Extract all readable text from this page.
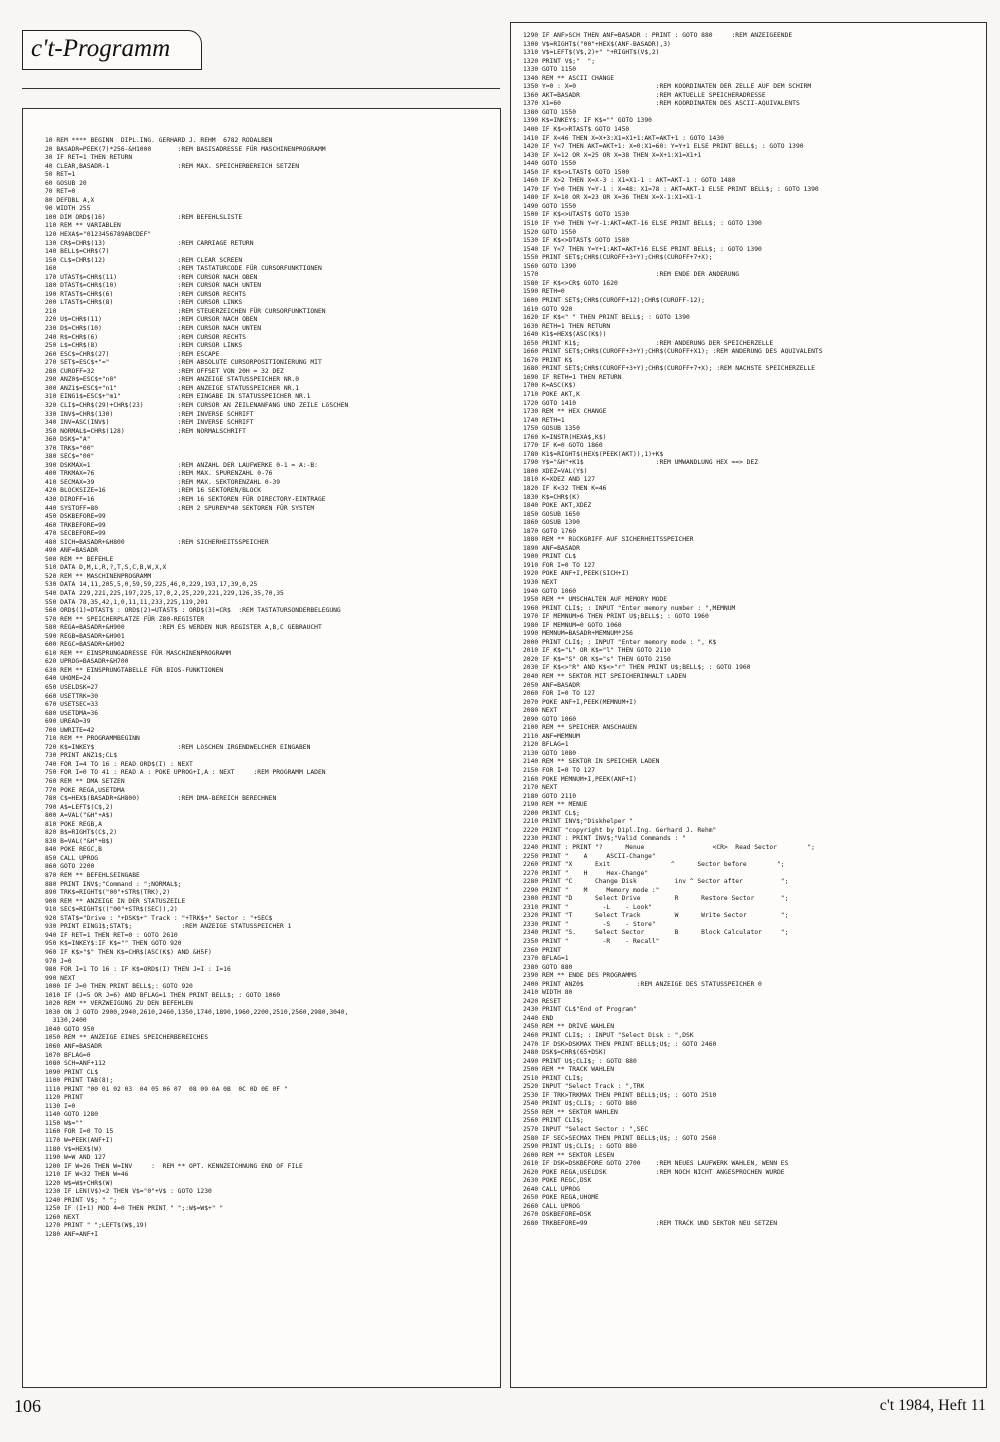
c't-Programm
10 REM **** BEGINN  DIPL.ING. GERHARD J. REHM  6782 RODALBEN
20 BASADR=PEEK(7)*256-&H1000       :REM BASISADRESSE FÜR MASCHINENPROGRAMM
30 IF RET=1 THEN RETURN
40 CLEAR,BASADR-1                  :REM MAX. SPEICHERBEREICH SETZEN
50 RET=1
60 GOSUB 20
70 RET=0
80 DEFDBL A,X
90 WIDTH 255
100 DIM ORD$(16)                   :REM BEFEHLSLISTE
110 REM ** VARIABLEN
120 HEXA$="0123456789ABCDEF"
130 CR$=CHR$(13)                   :REM CARRIAGE RETURN
140 BELL$=CHR$(7)
150 CL$=CHR$(12)                   :REM CLEAR SCREEN
160                                :REM TASTATURCODE FÜR CURSORFUNKTIONEN
170 UTAST$=CHR$(11)                :REM CURSOR NACH OBEN
180 DTAST$=CHR$(10)                :REM CURSOR NACH UNTEN
190 RTAST$=CHR$(6)                 :REM CURSOR RECHTS
200 LTAST$=CHR$(8)                 :REM CURSOR LINKS
210                                :REM STEUERZEICHEN FÜR CURSORFUNKTIONEN
220 U$=CHR$(11)                    :REM CURSOR NACH OBEN
230 D$=CHR$(10)                    :REM CURSOR NACH UNTEN
240 R$=CHR$(6)                     :REM CURSOR RECHTS
250 L$=CHR$(8)                     :REM CURSOR LINKS
260 ESC$=CHR$(27)                  :REM ESCAPE
270 SET$=ESC$+"="                  :REM ABSOLUTE CURSORPOSITIONIERUNG MIT
280 CUROFF=32                      :REM OFFSET VON 20H = 32 DEZ
290 ANZ0$=ESC$+"n0"                :REM ANZEIGE STATUSSPEICHER NR.0
300 ANZ1$=ESC$+"n1"                :REM ANZEIGE STATUSSPEICHER NR.1
310 EING1$=ESC$+"m1"               :REM EINGABE IN STATUSSPEICHER NR.1
320 CLI$=CHR$(29)+CHR$(23)         :REM CURSOR AN ZEILENANFANG UND ZEILE LöSCHEN
330 INV$=CHR$(130)                 :REM INVERSE SCHRIFT
340 INV=ASC(INV$)                  :REM INVERSE SCHRIFT
350 NORMAL$=CHR$(128)              :REM NORMALSCHRIFT
360 DSK$="A"
370 TRK$="00"
380 SEC$="00"
390 DSKMAX=1                       :REM ANZAHL DER LAUFWERKE 0-1 = A:-B:
400 TRKMAX=76                      :REM MAX. SPURENZAHL 0-76
410 SECMAX=39                      :REM MAX. SEKTORENZAHL 0-39
420 BLOCKSIZE=16                   :REM 16 SEKTOREN/BLOCK
430 DIROFF=16                      :REM 16 SEKTOREN FÜR DIRECTORY-EINTRAGE
440 SYSTOFF=80                     :REM 2 SPUREN*40 SEKTOREN FÜR SYSTEM
450 DSKBEFORE=99
460 TRKBEFORE=99
470 SECBEFORE=99
480 SICH=BASADR+&H800              :REM SICHERHEITSSPEICHER
490 ANF=BASADR
500 REM ** BEFEHLE
510 DATA D,M,L,R,?,T,S,C,B,W,X,X
520 REM ** MASCHINENPROGRAMM
530 DATA 14,11,205,5,0,59,59,225,46,0,229,193,17,39,0,25
540 DATA 229,221,225,197,225,17,0,2,25,229,221,229,126,35,70,35
550 DATA 78,35,42,1,0,11,11,233,225,119,201
560 ORD$(1)=DTAST$ : ORD$(2)=UTAST$ : ORD$(3)=CR$  :REM TASTATURSONDERBELEGUNG
570 REM ** SPEICHERPLATZE FÜR Z80-REGISTER
580 REGA=BASADR+&H900         :REM ES WERDEN NUR REGISTER A,B,C GEBRAUCHT
590 REGB=BASADR+&H901
600 REGC=BASADR+&H902
610 REM ** EINSPRUNGADRESSE FÜR MASCHINENPROGRAMM
620 UPROG=BASADR+&H700
630 REM ** EINSPRUNGTABELLE FÜR BIOS-FUNKTIONEN
640 UHOME=24
650 USELDSK=27
660 USETTRK=30
670 USETSEC=33
680 USETDMA=36
690 UREAD=39
700 UWRITE=42
710 REM ** PROGRAMMBEGINN
720 K$=INKEY$                      :REM LöSCHEN IRGENDWELCHER EINGABEN
730 PRINT ANZ1$;CL$
740 FOR I=4 TO 16 : READ ORD$(I) : NEXT
750 FOR I=0 TO 41 : READ A : POKE UPROG+I,A : NEXT     :REM PROGRAMM LADEN
760 REM ** DMA SETZEN
770 POKE REGA,USETDMA
780 C$=HEX$(BASADR+&H800)          :REM DMA-BEREICH BERECHNEN
790 A$=LEFT$(C$,2)
800 A=VAL("&H"+A$)
810 POKE REGB,A
820 B$=RIGHT$(C$,2)
830 B=VAL("&H"+B$)
840 POKE REGC,B
850 CALL UPROG
860 GOTO 2200
870 REM ** BEFEHLSEINGABE
880 PRINT INV$;"Command : ";NORMAL$;
890 TRK$=RIGHT$("00"+STR$(TRK),2)
900 REM ** ANZEIGE IN DER STATUSZEILE
910 SEC$=RIGHT$(("00"+STR$(SEC)),2)
920 STAT$="Drive : "+DSK$+" Track : "+TRK$+" Sector : "+SEC$
930 PRINT EING1$;STAT$;             :REM ANZEIGE STATUSSPEICHER 1
940 IF RET=1 THEN RET=0 : GOTO 2610
950 K$=INKEY$:IF K$="" THEN GOTO 920
960 IF K$>"$" THEN K$=CHR$(ASC(K$) AND &H5F)
970 J=0
980 FOR I=1 TO 16 : IF K$=ORD$(I) THEN J=I : I=16
990 NEXT
1000 IF J=0 THEN PRINT BELL$;: GOTO 920
1010 IF (J=5 OR J=6) AND BFLAG=1 THEN PRINT BELL$; : GOTO 1060
1020 REM ** VERZWEIGUNG ZU DEN BEFEHLEN
1030 ON J GOTO 2900,2940,2610,2460,1350,1740,1890,1960,2200,2510,2560,2980,3040,
3130,2400
1040 GOTO 950
1050 REM ** ANZEIGE EINES SPEICHERBEREICHES
1060 ANF=BASADR
1070 BFLAG=0
1080 SCH=ANF+112
1090 PRINT CL$
1100 PRINT TAB(8);
1110 PRINT "00 01 02 03  04 05 06 07  08 09 0A 0B  0C 0D 0E 0F "
1120 PRINT
1130 I=0
1140 GOTO 1280
1150 W$=""
1160 FOR I=0 TO 15
1170 W=PEEK(ANF+I)
1180 V$=HEX$(W)
1190 W=W AND 127
1200 IF W=26 THEN W=INV     :  REM ** OPT. KENNZEICHNUNG END OF FILE
1210 IF W<32 THEN W=46
1220 W$=W$+CHR$(W)
1230 IF LEN(V$)<2 THEN V$="0"+V$ : GOTO 1230
1240 PRINT V$; " ";
1250 IF (I+1) MOD 4=0 THEN PRINT " ";:W$=W$+" "
1260 NEXT
1270 PRINT " ";LEFT$(W$,19)
1280 ANF=ANF+I
1290 IF ANF>SCH THEN ANF=BASADR : PRINT : GOTO 880     :REM ANZEIGEENDE
1300 V$=RIGHT$("00"+HEX$(ANF-BASADR),3)
1310 V$=LEFT$(V$,2)+" "+RIGHT$(V$,2)
1320 PRINT V$;"  ";
1330 GOTO 1150
1340 REM ** ASCII CHANGE
1350 Y=0 : X=0                     :REM KOORDINATEN DER ZELLE AUF DEM SCHIRM
1360 AKT=BASADR                    :REM AKTUELLE SPEICHERADRESSE
1370 X1=60                         :REM KOORDINATEN DES ASCII-AQUIVALENTS
1380 GOTO 1550
1390 K$=INKEY$: IF K$="" GOTO 1390
1400 IF K$<>RTAST$ GOTO 1450
1410 IF X<46 THEN X=X+3:X1=X1+1:AKT=AKT+1 : GOTO 1430
1420 IF Y<7 THEN AKT=AKT+1: X=0:X1=60: Y=Y+1 ELSE PRINT BELL$; : GOTO 1390
1430 IF X=12 OR X=25 OR X=38 THEN X=X+1:X1=X1+1
1440 GOTO 1550
1450 IF K$<>LTAST$ GOTO 1500
1460 IF X>2 THEN X=X-3 : X1=X1-1 : AKT=AKT-1 : GOTO 1480
1470 IF Y>0 THEN Y=Y-1 : X=48: X1=78 : AKT=AKT-1 ELSE PRINT BELL$; : GOTO 1390
1480 IF X=10 OR X=23 OR X=36 THEN X=X-1:X1=X1-1
1490 GOTO 1550
1500 IF K$<>UTAST$ GOTO 1530
1510 IF Y>0 THEN Y=Y-1:AKT=AKT-16 ELSE PRINT BELL$; : GOTO 1390
1520 GOTO 1550
1530 IF K$<>DTAST$ GOTO 1580
1540 IF Y<7 THEN Y=Y+1:AKT=AKT+16 ELSE PRINT BELL$; : GOTO 1390
1550 PRINT SET$;CHR$(CUROFF+3+Y);CHR$(CUROFF+7+X);
1560 GOTO 1390
1570                               :REM ENDE DER ANDERUNG
1580 IF K$<>CR$ GOTO 1620
1590 RETH=0
1600 PRINT SET$;CHR$(CUROFF+12);CHR$(CUROFF-12);
1610 GOTO 920
1620 IF K$<" " THEN PRINT BELL$; : GOTO 1390
1630 RETH=1 THEN RETURN
1640 K1$=HEX$(ASC(K$))
1650 PRINT K1$;                    :REM ANDERUNG DER SPEICHERZELLE
1660 PRINT SET$;CHR$(CUROFF+3+Y);CHR$(CUROFF+X1); :REM ANDERUNG DES AQUIVALENTS
1670 PRINT K$
1680 PRINT SET$;CHR$(CUROFF+3+Y);CHR$(CUROFF+7+X); :REM NACHSTE SPEICHERZELLE
1690 IF RETH=1 THEN RETURN
1700 K=ASC(K$)
1710 POKE AKT,K
1720 GOTO 1410
1730 REM ** HEX CHANGE
1740 RETH=1
1750 GOSUB 1350
1760 K=INSTR(HEXA$,K$)
1770 IF K=0 GOTO 1860
1780 K1$=RIGHT$(HEX$(PEEK(AKT)),1)+K$
1790 Y$="&H"+K1$                   :REM UMWANDLUNG HEX ==> DEZ
1800 XDEZ=VAL(Y$)
1810 K=XDEZ AND 127
1820 IF K<32 THEN K=46
1830 K$=CHR$(K)
1840 POKE AKT,XDEZ
1850 GOSUB 1650
1860 GOSUB 1390
1870 GOTO 1760
1880 REM ** RüCKGRIFF AUF SICHERHEITSSPEICHER
1890 ANF=BASADR
1900 PRINT CL$
1910 FOR I=0 TO 127
1920 POKE ANF+I,PEEK(SICH+I)
1930 NEXT
1940 GOTO 1060
1950 REM ** UMSCHALTEN AUF MEMORY MODE
1960 PRINT CLI$; : INPUT "Enter memory number : ",MEMNUM
1970 IF MEMNUM>6 THEN PRINT U$;BELL$; : GOTO 1960
1980 IF MEMNUM=0 GOTO 1060
1990 MEMNUM=BASADR+MEMNUM*256
2000 PRINT CLI$; : INPUT "Enter memory mode : ", K$
2010 IF K$="L" OR K$="l" THEN GOTO 2110
2020 IF K$="S" OR K$="s" THEN GOTO 2150
2030 IF K$<>"R" AND K$<>"r" THEN PRINT U$;BELL$; : GOTO 1960
2040 REM ** SEKTOR MIT SPEICHERINHALT LADEN
2050 ANF=BASADR
2060 FOR I=0 TO 127
2070 POKE ANF+I,PEEK(MEMNUM+I)
2080 NEXT
2090 GOTO 1060
2100 REM ** SPEICHER ANSCHAUEN
2110 ANF=MEMNUM
2120 BFLAG=1
2130 GOTO 1080
2140 REM ** SEKTOR IN SPEICHER LADEN
2150 FOR I=0 TO 127
2160 POKE MEMNUM+I,PEEK(ANF+I)
2170 NEXT
2180 GOTO 2110
2190 REM ** MENUE
2200 PRINT CL$;
2210 PRINT INV$;"Diskhelper "
2220 PRINT "copyright by Dipl.Ing. Gerhard J. Rehm"
2230 PRINT : PRINT INV$;"Valid Commands : "
2240 PRINT : PRINT "?      Menue                  <CR>  Read Sector        ";
2250 PRINT "    A     ASCII-Change"
2260 PRINT "X      Exit                ^      Sector before        ";
2270 PRINT "    H     Hex-Change"
2280 PRINT "C      Change Disk          inv ^ Sector after          ";
2290 PRINT "    M     Memory mode :"
2300 PRINT "D      Select Drive         R      Restore Sector       ";
2310 PRINT "         -L    - Look"
2320 PRINT "T      Select Track         W      Write Sector         ";
2330 PRINT "         -S    - Store"
2340 PRINT "S.     Select Sector        B      Block Calculator     ";
2350 PRINT "         -R    - Recall"
2360 PRINT
2370 BFLAG=1
2380 GOTO 880
2390 REM ** ENDE DES PROGRAMMS
2400 PRINT ANZ0$              :REM ANZEIGE DES STATUSSPEICHER 0
2410 WIDTH 80
2420 RESET
2430 PRINT CL$"End of Program"
2440 END
2450 REM ** DRIVE WAHLEN
2460 PRINT CLI$; : INPUT "Select Disk : ",DSK
2470 IF DSK>DSKMAX THEN PRINT BELL$;U$; : GOTO 2460
2480 DSK$=CHR$(65+DSK)
2490 PRINT U$;CLI$; : GOTO 880
2500 REM ** TRACK WAHLEN
2510 PRINT CLI$;
2520 INPUT "Select Track : ",TRK
2530 IF TRK>TRKMAX THEN PRINT BELL$;U$; : GOTO 2510
2540 PRINT U$;CLI$; : GOTO 880
2550 REM ** SEKTOR WAHLEN
2560 PRINT CLI$;
2570 INPUT "Select Sector : ",SEC
2580 IF SEC>SECMAX THEN PRINT BELL$;U$; : GOTO 2560
2590 PRINT U$;CLI$; : GOTO 880
2600 REM ** SEKTOR LESEN
2610 IF DSK=DSKBEFORE GOTO 2700    :REM NEUES LAUFWERK WAHLEN, WENN ES
2620 POKE REGA,USELDSK             :REM NOCH NICHT ANGESPROCHEN WURDE
2630 POKE REGC,DSK
2640 CALL UPROG
2650 POKE REGA,UHOME
2660 CALL UPROG
2670 DSKBEFORE=DSK
2680 TRKBEFORE=99                  :REM TRACK UND SEKTOR NEU SETZEN
106	c't 1984, Heft 11
